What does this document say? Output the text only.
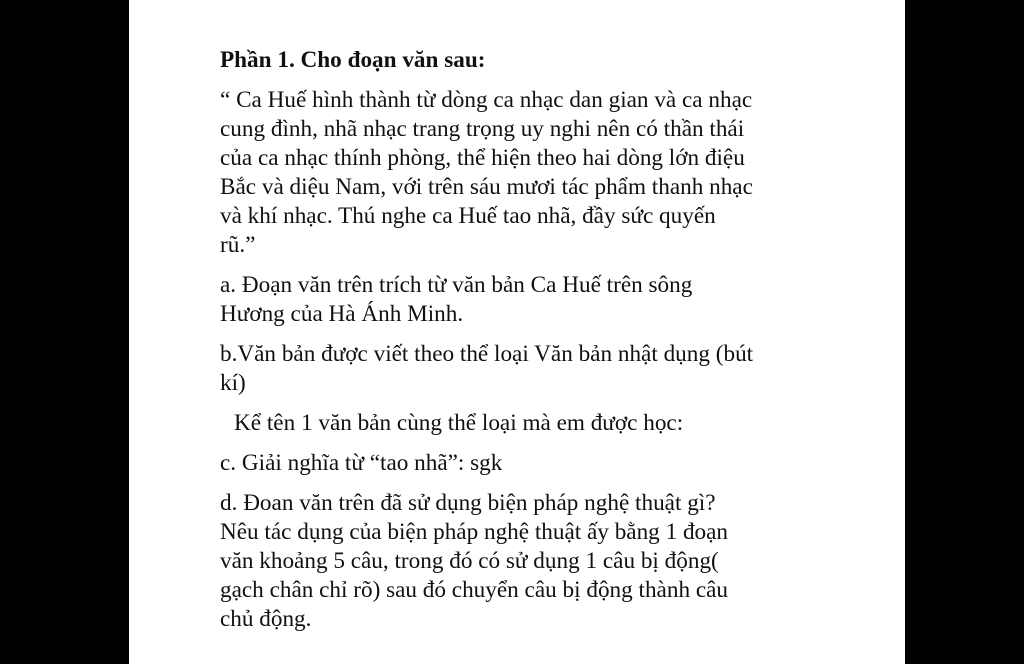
Phần 1. Cho đoạn văn sau:
“ Ca Huế hình thành từ dòng ca nhạc dan gian và ca nhạc
cung đình, nhã nhạc trang trọng uy nghi nên có thần thái
của ca nhạc thính phòng, thể hiện theo hai dòng lớn điệu
Bắc và diệu Nam, với trên sáu mươi tác phẩm thanh nhạc
và khí nhạc. Thú nghe ca Huế tao nhã, đầy sức quyến
rũ.”
a. Đoạn văn trên trích từ văn bản Ca Huế trên sông
Hương của Hà Ánh Minh.
b.Văn bản được viết theo thể loại Văn bản nhật dụng (bút
kí)
Kể tên 1 văn bản cùng thể loại mà em được học:
c. Giải nghĩa từ “tao nhã”: sgk
d. Đoan văn trên đã sử dụng biện pháp nghệ thuật gì?
Nêu tác dụng của biện pháp nghệ thuật ấy bằng 1 đoạn
văn khoảng 5 câu, trong đó có sử dụng 1 câu bị động(
gạch chân chỉ rõ) sau đó chuyển câu bị động thành câu
chủ động.
